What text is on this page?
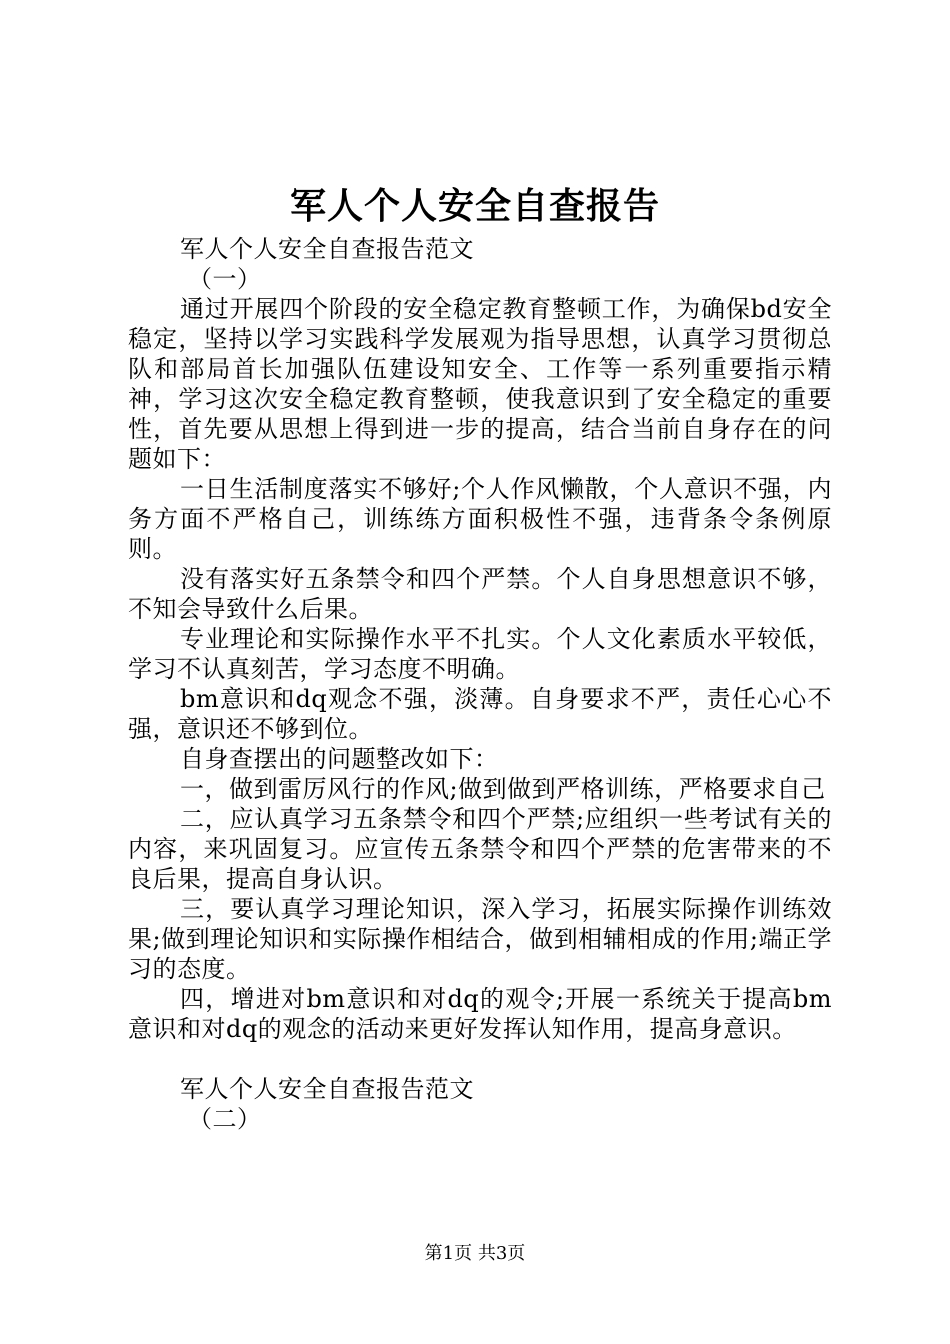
军人个人安全自查报告

军人个人安全自查报告范文

（一）

通过开展四个阶段的安全稳定教育整顿工作，为确保bd安全稳定，坚持以学习实践科学发展观为指导思想，认真学习贯彻总队和部局首长加强队伍建设知安全、工作等一系列重要指示精神，学习这次安全稳定教育整顿，使我意识到了安全稳定的重要性，首先要从思想上得到进一步的提高，结合当前自身存在的问题如下：

一日生活制度落实不够好;个人作风懒散，个人意识不强，内务方面不严格自己，训练练方面积极性不强，违背条令条例原则。

没有落实好五条禁令和四个严禁。个人自身思想意识不够，不知会导致什么后果。

专业理论和实际操作水平不扎实。个人文化素质水平较低，学习不认真刻苦，学习态度不明确。

bm意识和dq观念不强，淡薄。自身要求不严，责任心心不强，意识还不够到位。

自身查摆出的问题整改如下：

一，做到雷厉风行的作风;做到做到严格训练，严格要求自己

二，应认真学习五条禁令和四个严禁;应组织一些考试有关的内容，来巩固复习。应宣传五条禁令和四个严禁的危害带来的不良后果，提高自身认识。

三，要认真学习理论知识，深入学习，拓展实际操作训练效果;做到理论知识和实际操作相结合，做到相辅相成的作用;端正学习的态度。

四，增进对bm意识和对dq的观令;开展一系统关于提高bm意识和对dq的观念的活动来更好发挥认知作用，提高身意识。

军人个人安全自查报告范文

（二）

第1页 共3页
